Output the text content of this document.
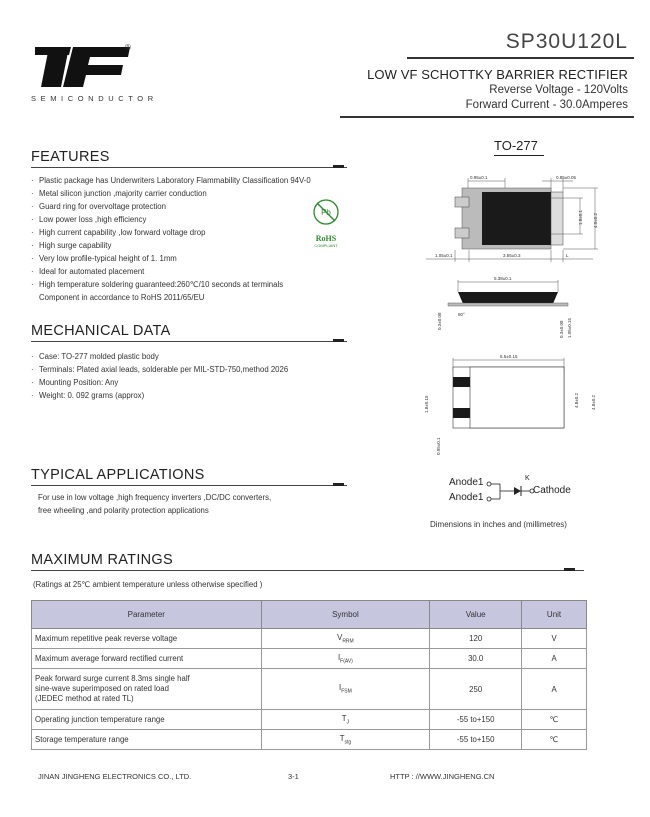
®
SEMICONDUCTOR
SP30U120L
LOW VF SCHOTTKY BARRIER RECTIFIER
Reverse Voltage - 120Volts
Forward Current - 30.0Amperes
FEATURES
· Plastic package has Underwriters Laboratory Flammability Classification 94V-0
· Metal silicon junction ,majority carrier conduction
· Guard ring for overvoltage protection
· Low power loss ,high efficiency
· High current capability ,low forward voltage drop
· High surge capability
· Very low profile-typical height of 1. 1mm
· Ideal for automated placement
· High temperature soldering guaranteed:260℃/10 seconds at terminals
Component in accordance to RoHS 2011/65/EU
Pb
RoHS
COMPLIANT
MECHANICAL DATA
· Case: TO-277 molded plastic body
· Terminals: Plated axial leads, solderable per MIL-STD-750,method 2026
· Mounting Position: Any
· Weight: 0. 092 grams (approx)
TYPICAL APPLICATIONS
For use in low voltage ,high frequency inverters ,DC/DC converters,
free wheeling ,and polarity protection applications
TO-277
0.95±0.1	0.85±0.05
1.8±0.1 4.0±0.2
1.05±0.1	3.55±0.3	L
5.38±0.1
80°
0.3±0.08	0.3±0.08 1.05±0.15
6.5±0.15
1.8±0.15	4.8±0.2	4.8±0.2
0.95±0.1
Anode1
Anode1
K
Cathode
Dimensions in inches and (millimetres)
MAXIMUM RATINGS
(Ratings at 25℃ ambient temperature unless otherwise specified )
Parameter	Symbol	Value	Unit
Maximum repetitive peak reverse voltage	$V_{RRM}$	120	V
Maximum average forward rectified current	$I_{F(AV)}$	30.0	A

Peak forward surge current 8.3ms single half
sine-wave superimposed on rated load
(JEDEC method at rated TL)	$I_{FSM}$	250	A
Operating junction temperature range	$T_J$	-55 to+150	℃
Storage temperature range	$T_{stg}$	-55 to+150	℃
JINAN JINGHENG ELECTRONICS CO., LTD.	3-1	HTTP : //WWW.JINGHENG.CN
